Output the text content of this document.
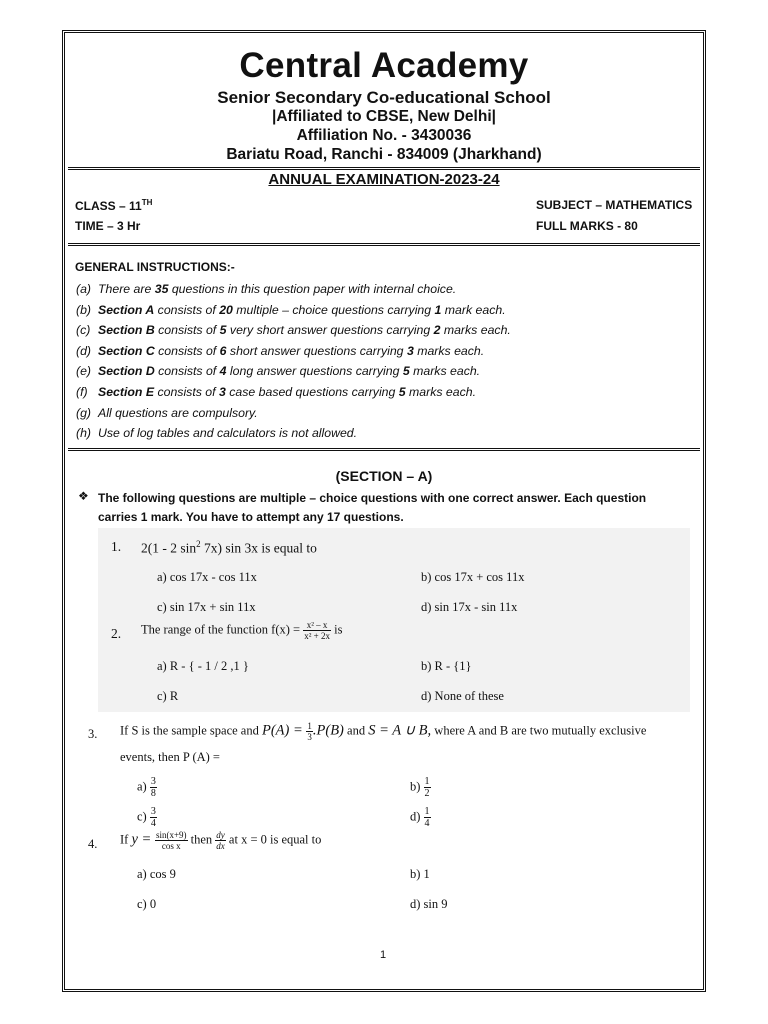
Central Academy
Senior Secondary Co-educational School
|Affiliated to CBSE, New Delhi|
Affiliation No. - 3430036
Bariatu Road, Ranchi - 834009 (Jharkhand)
ANNUAL EXAMINATION-2023-24
CLASS – 11TH
TIME – 3 Hr
SUBJECT – MATHEMATICS
FULL MARKS - 80
GENERAL INSTRUCTIONS:-
(a) There are 35 questions in this question paper with internal choice.
(b) Section A consists of 20 multiple – choice questions carrying 1 mark each.
(c) Section B consists of 5 very short answer questions carrying 2 marks each.
(d) Section C consists of 6 short answer questions carrying 3 marks each.
(e) Section D consists of 4 long answer questions carrying 5 marks each.
(f) Section E consists of 3 case based questions carrying 5 marks each.
(g) All questions are compulsory.
(h) Use of log tables and calculators is not allowed.
(SECTION – A)
❖ The following questions are multiple – choice questions with one correct answer. Each question carries 1 mark. You have to attempt any 17 questions.
1. 2(1 - 2 $\sin^2 7x$) sin 3x is equal to
a) cos 17x - cos 11x	b) cos 17x + cos 11x
c) sin 17x + sin 11x	d) sin 17x - sin 11x
2. The range of the function $f(x) = \frac{\text{x² – x}}{\text{x² + 2x}}$ is
a) R - { - 1 / 2 ,1 }	b) R - {1}
c) R	d) None of these
3. If S is the sample space and $P(A) = \frac{1}{3} .P(B)$ and S = A ∪ B, where A and B are two mutually exclusive
events, then P (A) =
$a) \frac{3}{8}$	$b) \frac{1}{2}$
$c) \frac{3}{4}$	$d) \frac{1}{4}$
4. If $y = \frac{\sin(x+9)}{\text{cos x}}$ then $\frac{dy}{dx}$ at x = 0 is equal to
a) cos 9	b) 1
c) 0	d) sin 9
1
